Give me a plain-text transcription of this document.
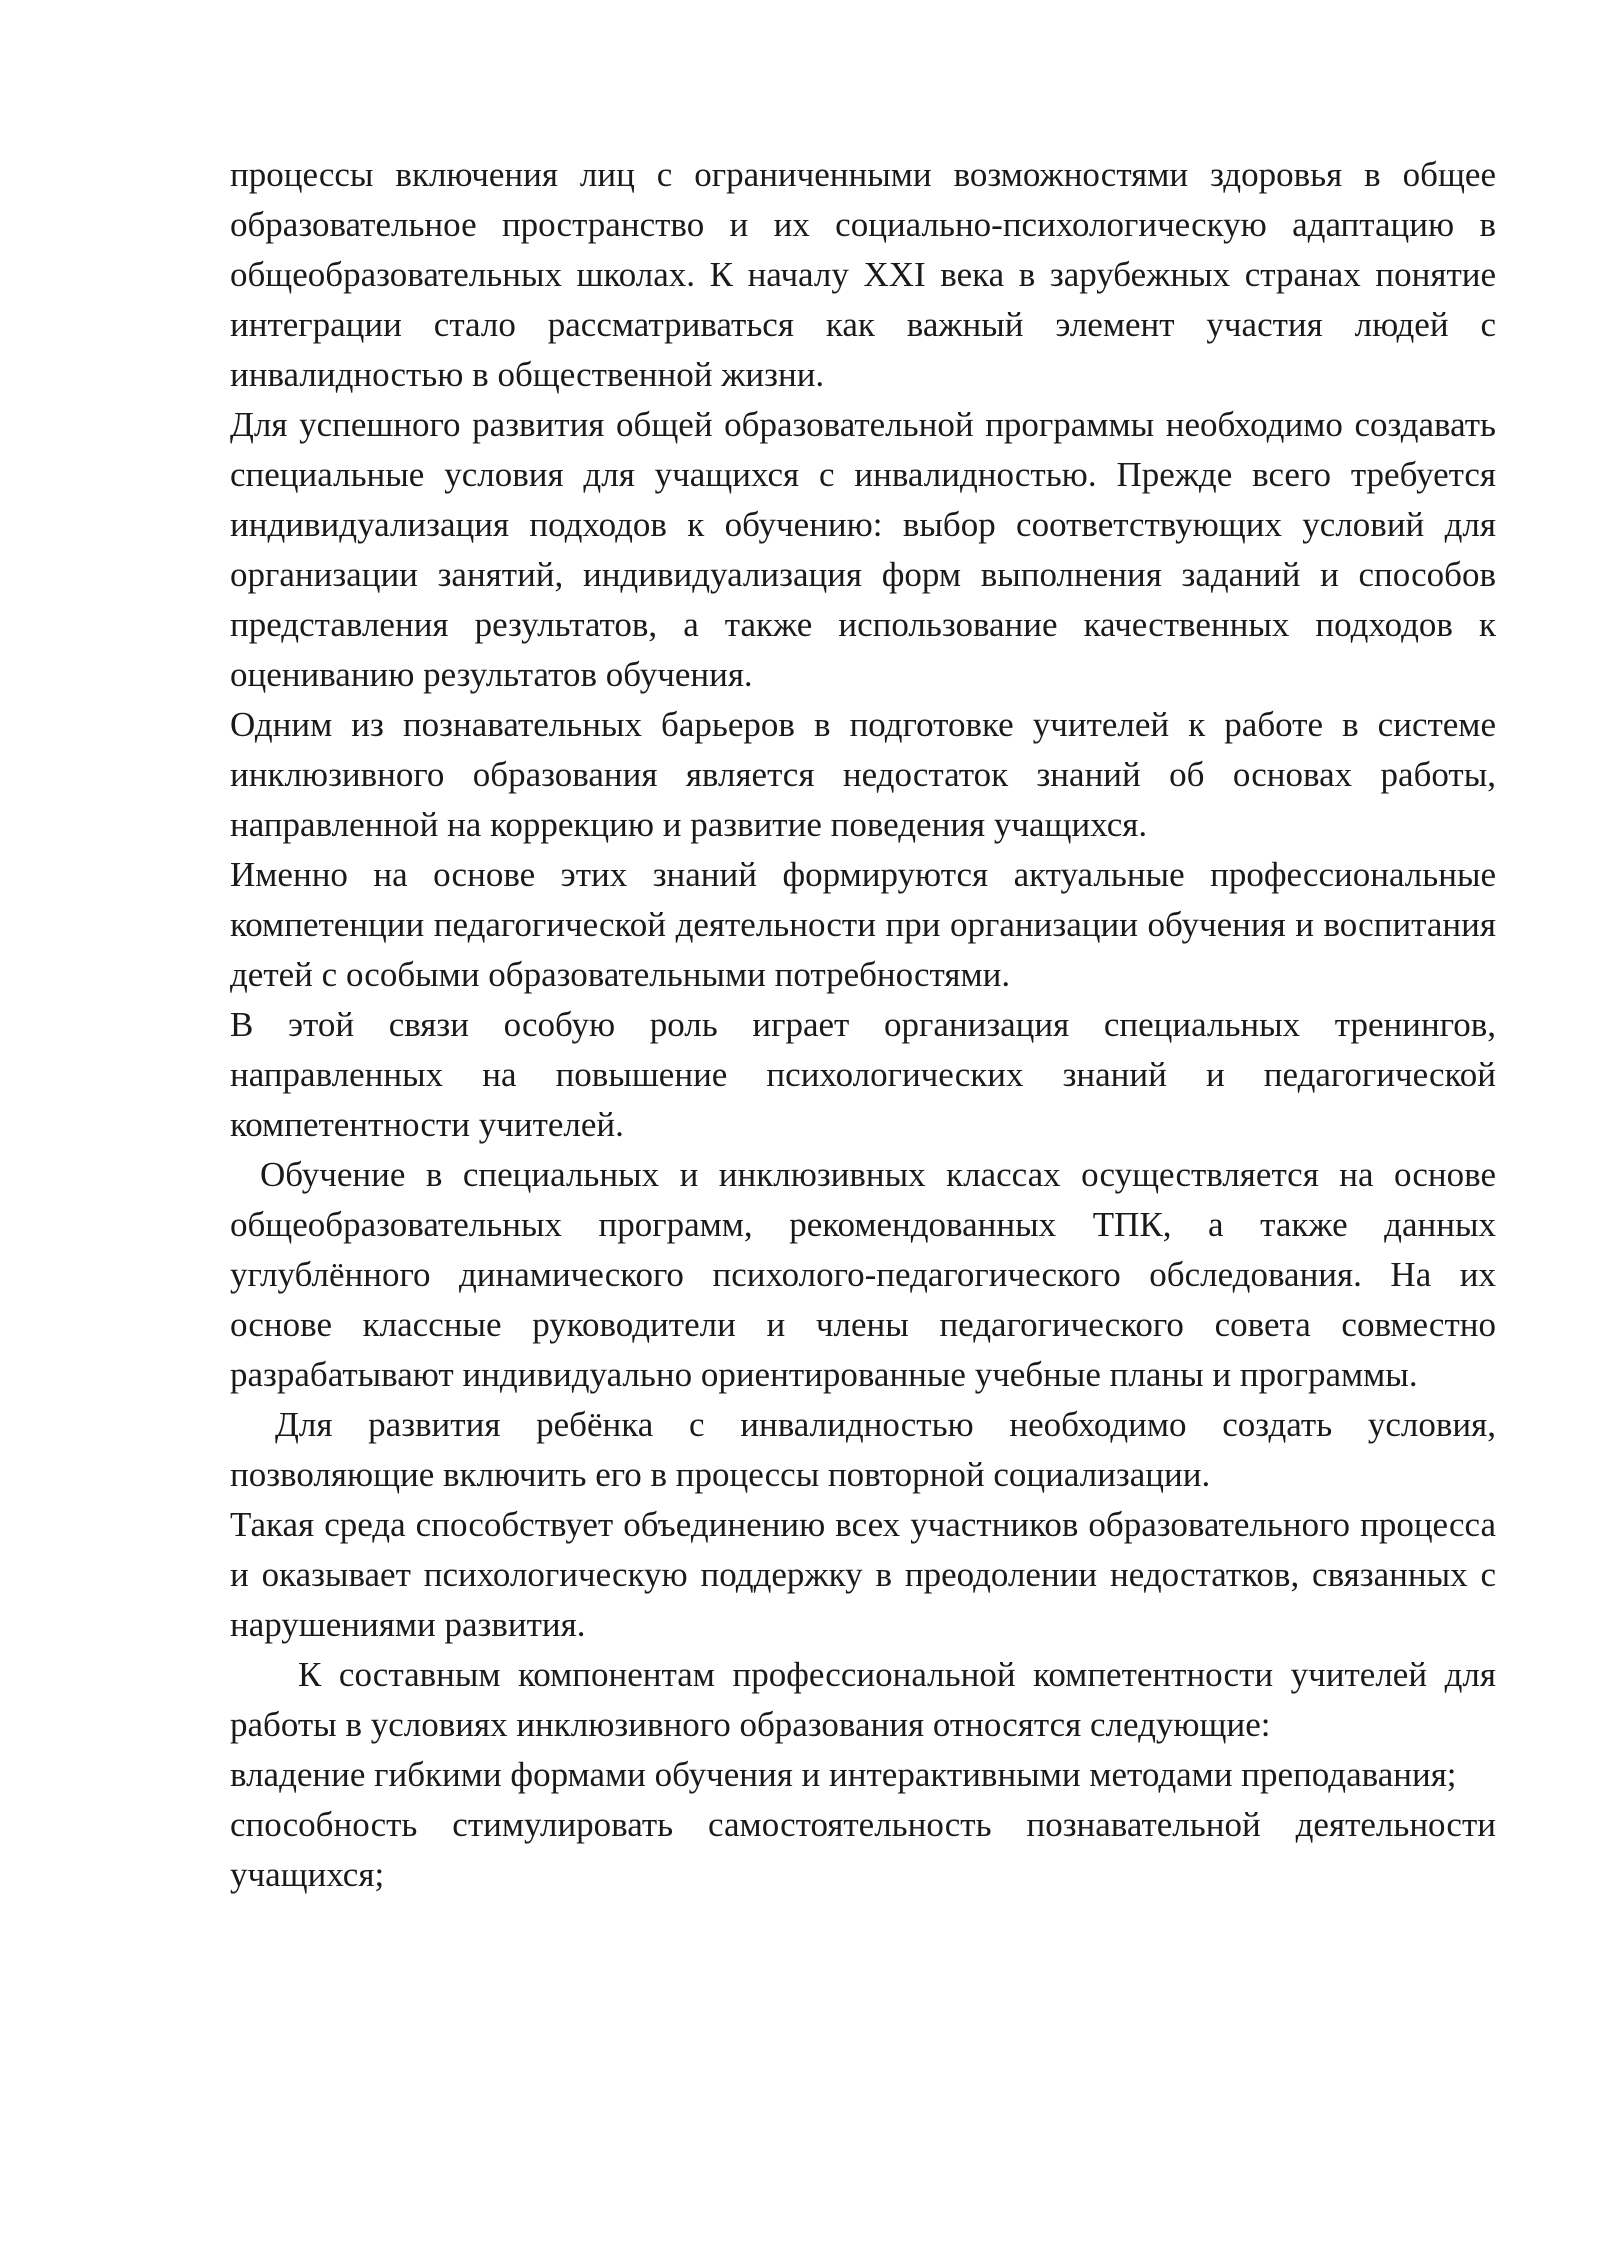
процессы включения лиц с ограниченными возможностями здоровья в общее образовательное пространство и их социально-психологическую адаптацию в общеобразовательных школах. К началу XXI века в зарубежных странах понятие интеграции стало рассматриваться как важный элемент участия людей с инвалидностью в общественной жизни.

Для успешного развития общей образовательной программы необходимо создавать специальные условия для учащихся с инвалидностью. Прежде всего требуется индивидуализация подходов к обучению: выбор соответствующих условий для организации занятий, индивидуализация форм выполнения заданий и способов представления результатов, а также использование качественных подходов к оцениванию результатов обучения.

Одним из познавательных барьеров в подготовке учителей к работе в системе инклюзивного образования является недостаток знаний об основах работы, направленной на коррекцию и развитие поведения учащихся.

Именно на основе этих знаний формируются актуальные профессиональные компетенции педагогической деятельности при организации обучения и воспитания детей с особыми образовательными потребностями.

В этой связи особую роль играет организация специальных тренингов, направленных на повышение психологических знаний и педагогической компетентности учителей.

Обучение в специальных и инклюзивных классах осуществляется на основе общеобразовательных программ, рекомендованных ТПК, а также данных углублённого динамического психолого-педагогического обследования. На их основе классные руководители и члены педагогического совета совместно разрабатывают индивидуально ориентированные учебные планы и программы.

Для развития ребёнка с инвалидностью необходимо создать условия, позволяющие включить его в процессы повторной социализации.

Такая среда способствует объединению всех участников образовательного процесса и оказывает психологическую поддержку в преодолении недостатков, связанных с нарушениями развития.

К составным компонентам профессиональной компетентности учителей для работы в условиях инклюзивного образования относятся следующие:

владение гибкими формами обучения и интерактивными методами преподавания;

способность стимулировать самостоятельность познавательной деятельности учащихся;
